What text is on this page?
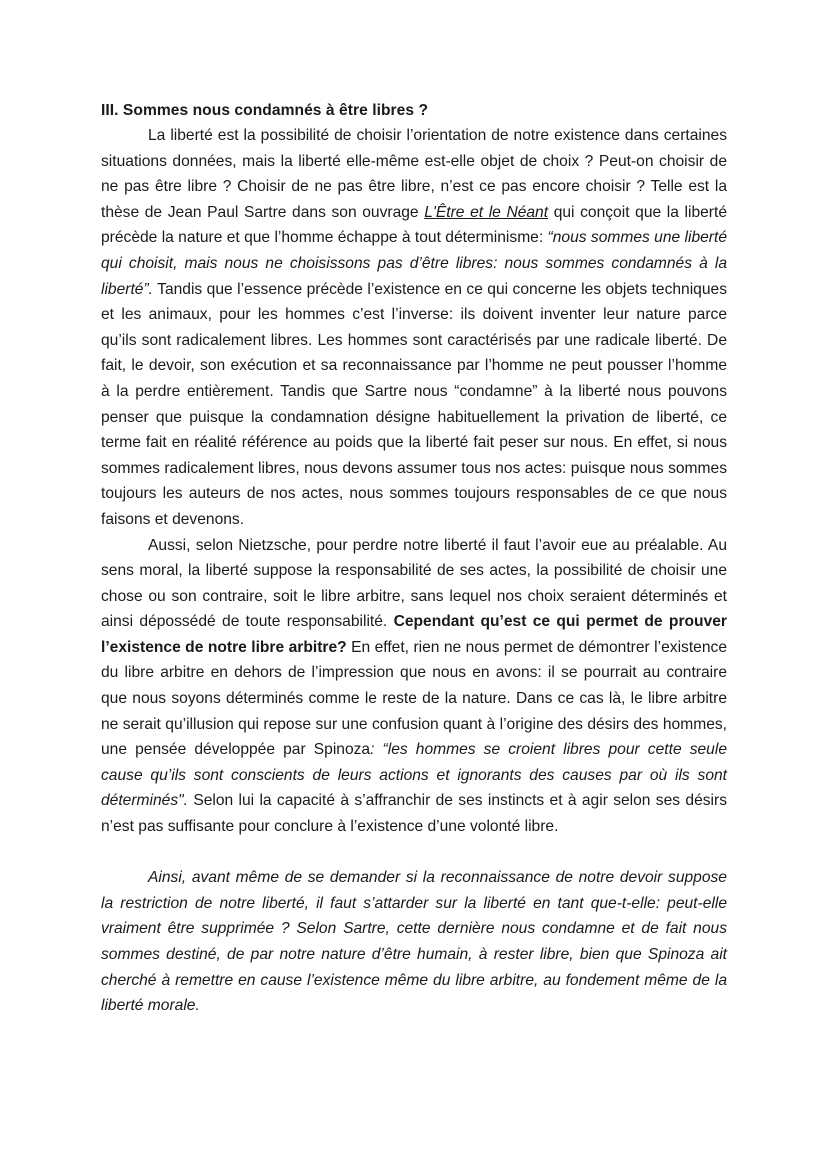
III. Sommes nous condamnés à être libres ?

La liberté est la possibilité de choisir l’orientation de notre existence dans certaines situations données, mais la liberté elle-même est-elle objet de choix ? Peut-on choisir de ne pas être libre ? Choisir de ne pas être libre, n’est ce pas encore choisir ? Telle est la thèse de Jean Paul Sartre dans son ouvrage L'Être et le Néant qui conçoit que la liberté précède la nature et que l’homme échappe à tout déterminisme: “nous sommes une liberté qui choisit, mais nous ne choisissons pas d’être libres: nous sommes condamnés à la liberté”. Tandis que l’essence précède l’existence en ce qui concerne les objets techniques et les animaux, pour les hommes c’est l’inverse: ils doivent inventer leur nature parce qu’ils sont radicalement libres. Les hommes sont caractérisés par une radicale liberté. De fait, le devoir, son exécution et sa reconnaissance par l’homme ne peut pousser l’homme à la perdre entièrement. Tandis que Sartre nous “condamne” à la liberté nous pouvons penser que puisque la condamnation désigne habituellement la privation de liberté, ce terme fait en réalité référence au poids que la liberté fait peser sur nous. En effet, si nous sommes radicalement libres, nous devons assumer tous nos actes: puisque nous sommes toujours les auteurs de nos actes, nous sommes toujours responsables de ce que nous faisons et devenons.

Aussi, selon Nietzsche, pour perdre notre liberté il faut l’avoir eue au préalable. Au sens moral, la liberté suppose la responsabilité de ses actes, la possibilité de choisir une chose ou son contraire, soit le libre arbitre, sans lequel nos choix seraient déterminés et ainsi dépossédé de toute responsabilité. Cependant qu’est ce qui permet de prouver l’existence de notre libre arbitre? En effet, rien ne nous permet de démontrer l’existence du libre arbitre en dehors de l’impression que nous en avons: il se pourrait au contraire que nous soyons déterminés comme le reste de la nature. Dans ce cas là, le libre arbitre ne serait qu’illusion qui repose sur une confusion quant à l’origine des désirs des hommes, une pensée développée par Spinoza: “les hommes se croient libres pour cette seule cause qu’ils sont conscients de leurs actions et ignorants des causes par où ils sont déterminés". Selon lui la capacité à s’affranchir de ses instincts et à agir selon ses désirs n’est pas suffisante pour conclure à l’existence d’une volonté libre.

Ainsi, avant même de se demander si la reconnaissance de notre devoir suppose la restriction de notre liberté, il faut s’attarder sur la liberté en tant que-t-elle: peut-elle vraiment être supprimée ? Selon Sartre, cette dernière nous condamne et de fait nous sommes destiné, de par notre nature d’être humain, à rester libre, bien que Spinoza ait cherché à remettre en cause l’existence même du libre arbitre, au fondement même de la liberté morale.
